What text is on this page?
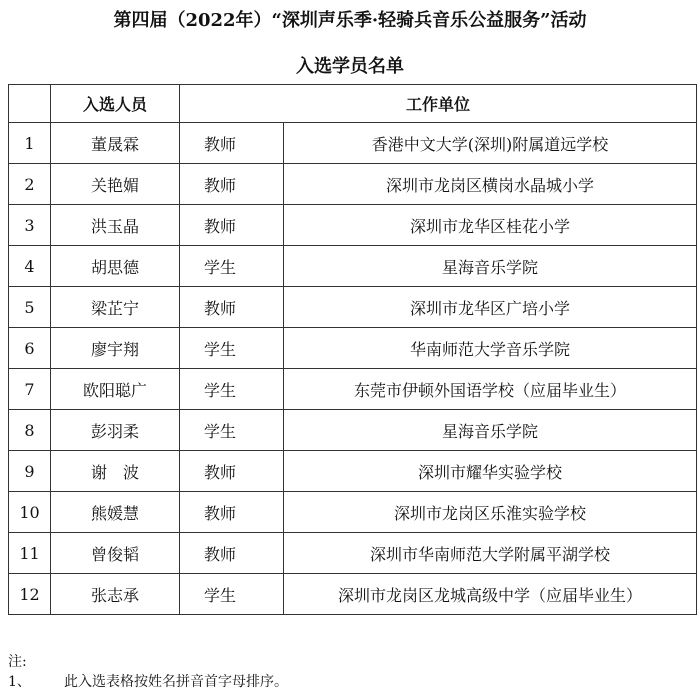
第四届（2022年）“深圳声乐季·轻骑兵音乐公益服务”活动
入选学员名单
	入选人员	工作单位	
1	董晟霖	教师	香港中文大学(深圳)附属道远学校
2	关艳媚	教师	深圳市龙岗区横岗水晶城小学
3	洪玉晶	教师	深圳市龙华区桂花小学
4	胡思德	学生	星海音乐学院
5	梁芷宁	教师	深圳市龙华区广培小学
6	廖宇翔	学生	华南师范大学音乐学院
7	欧阳聪广	学生	东莞市伊顿外国语学校（应届毕业生）
8	彭羽柔	学生	星海音乐学院
9	谢　波	教师	深圳市耀华实验学校
10	熊媛慧	教师	深圳市龙岗区乐淮实验学校
11	曾俊韬	教师	深圳市华南师范大学附属平湖学校
12	张志承	学生	深圳市龙岗区龙城高级中学（应届毕业生）
注:
1、 此入选表格按姓名拼音首字母排序。
